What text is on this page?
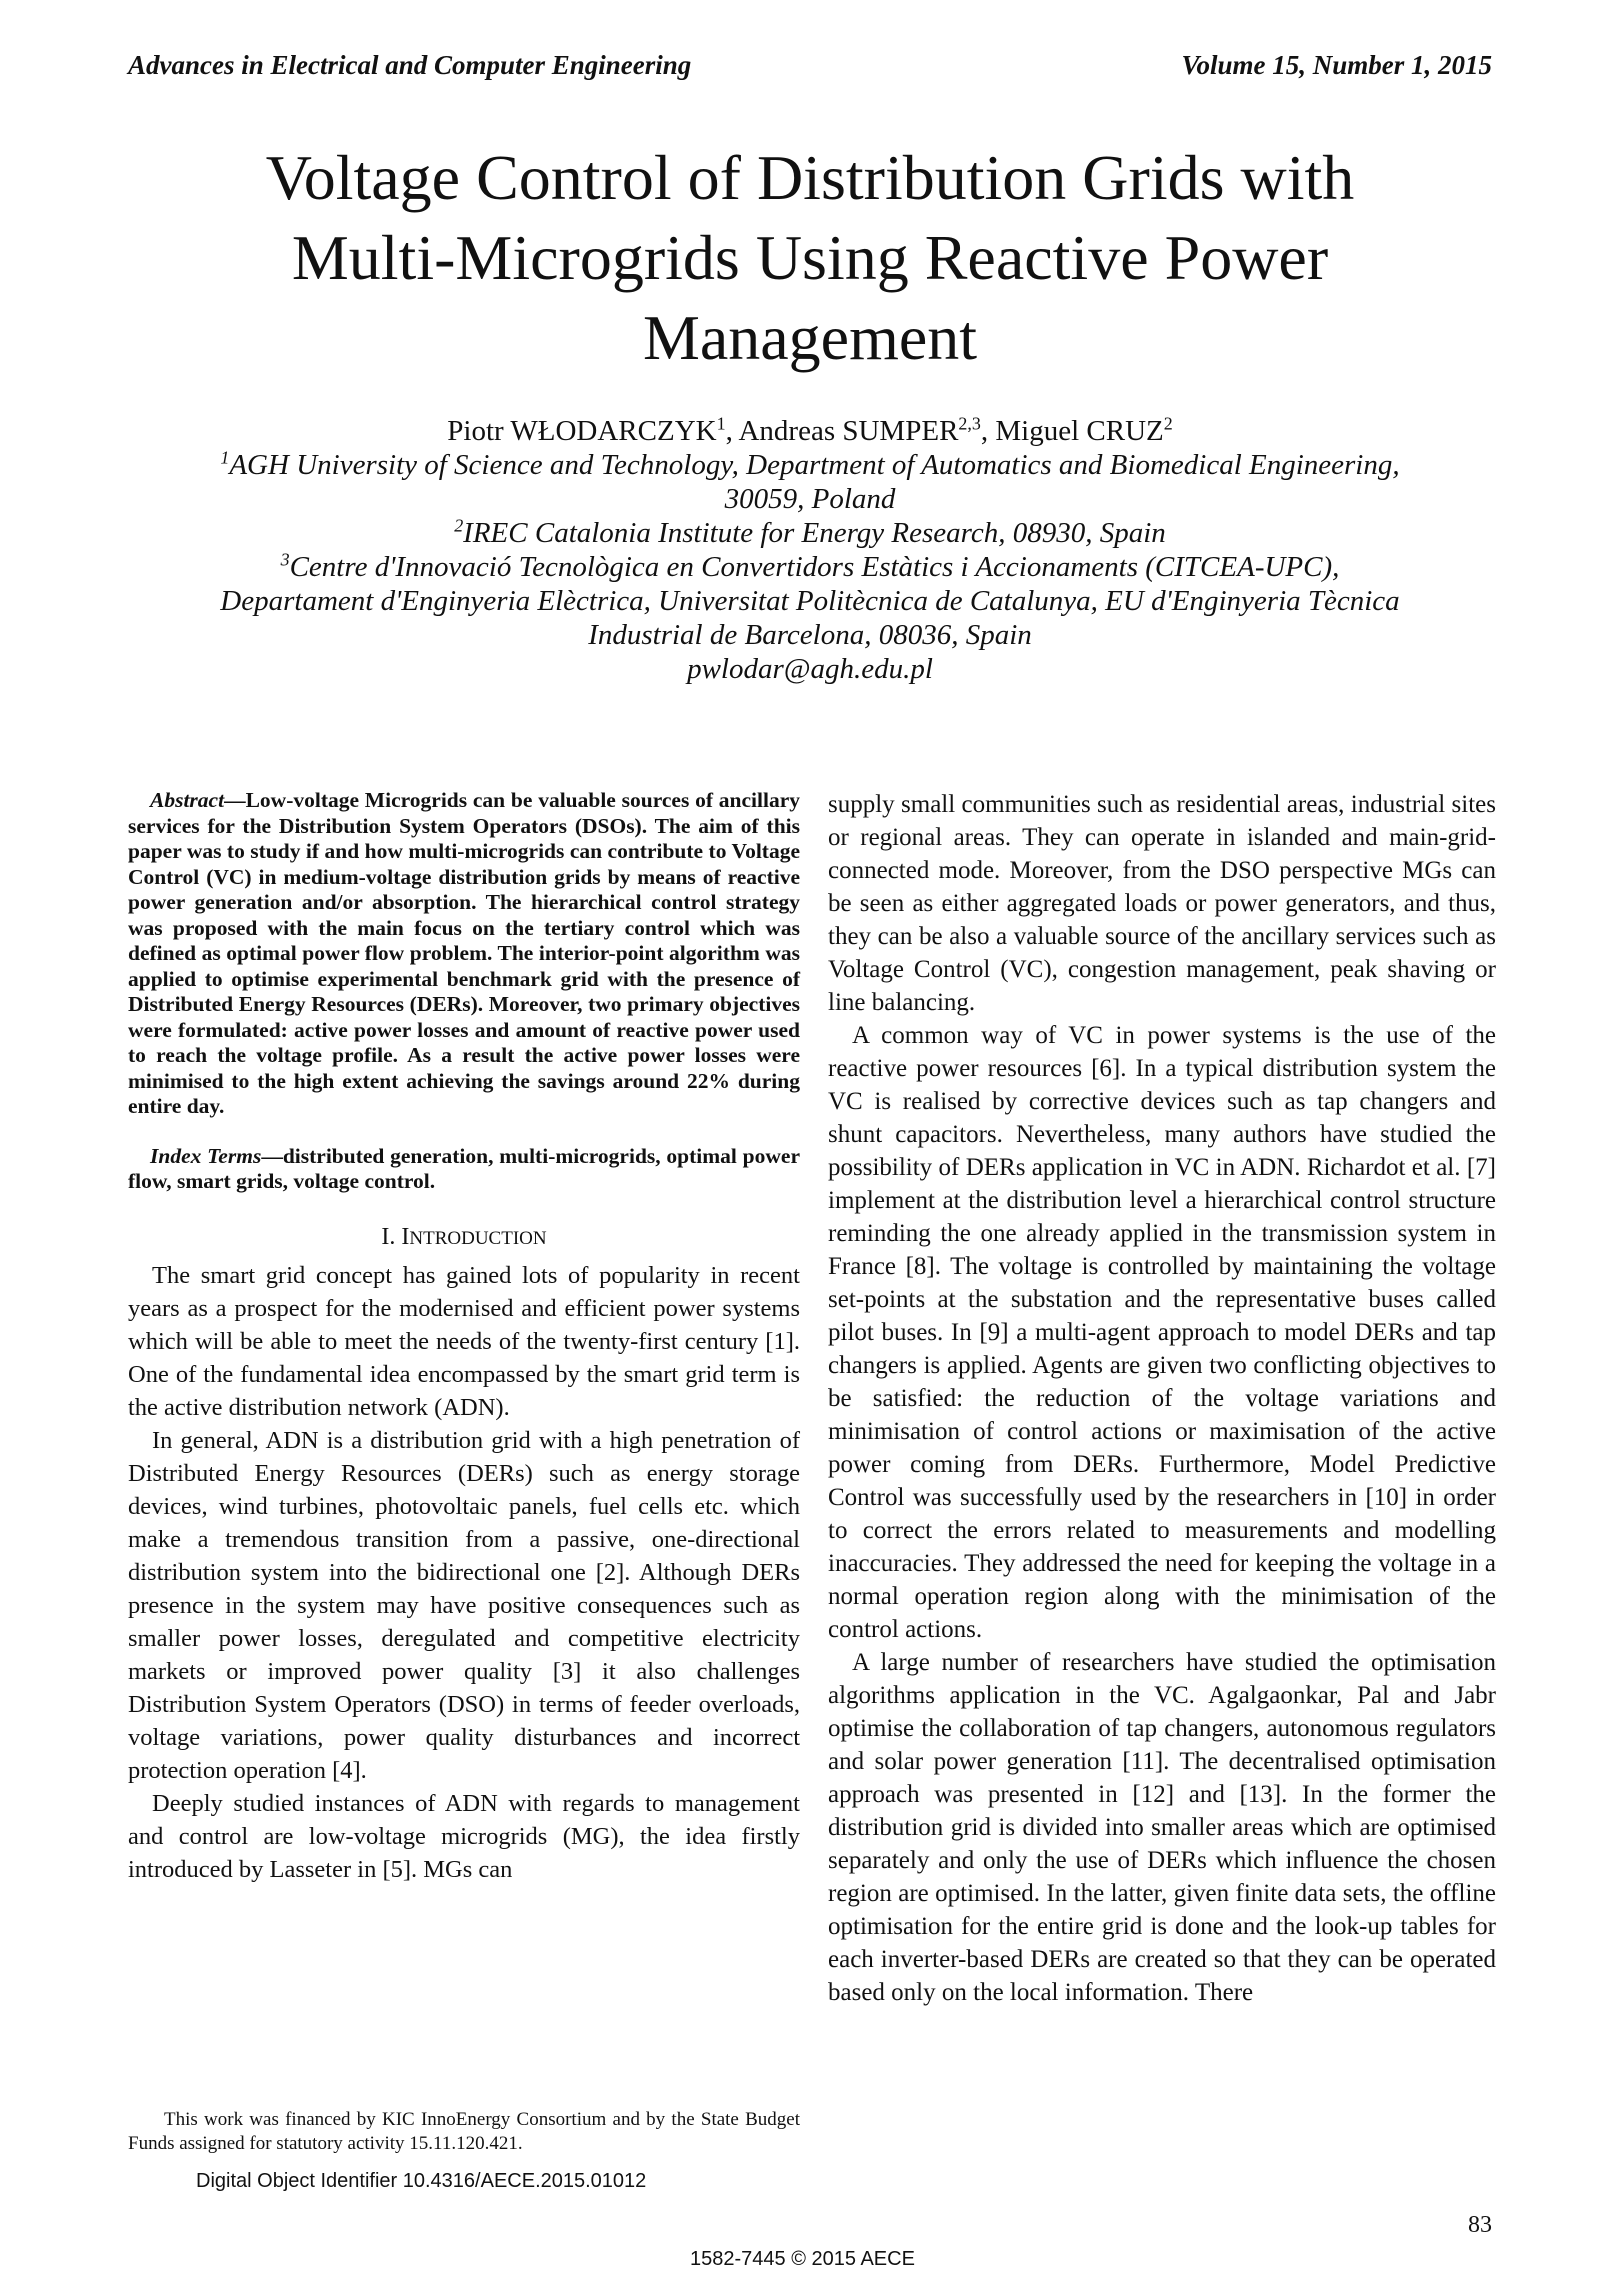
Advances in Electrical and Computer Engineering	Volume 15, Number 1, 2015
Voltage Control of Distribution Grids with Multi-Microgrids Using Reactive Power Management
Piotr WŁODARCZYK$^1$, Andreas SUMPER$^{2,3}$, Miguel CRUZ$^2$
$^1$AGH University of Science and Technology, Department of Automatics and Biomedical Engineering,
30059, Poland
$^2$IREC Catalonia Institute for Energy Research, 08930, Spain
$^3$Centre d'Innovació Tecnològica en Convertidors Estàtics i Accionaments (CITCEA-UPC),
Departament d'Enginyeria Elèctrica, Universitat Politècnica de Catalunya, EU d'Enginyeria Tècnica
Industrial de Barcelona, 08036, Spain
pwlodar@agh.edu.pl

Abstract—Low-voltage Microgrids can be valuable sources of ancillary services for the Distribution System Operators (DSOs). The aim of this paper was to study if and how multi-microgrids can contribute to Voltage Control (VC) in medium-voltage distribution grids by means of reactive power generation and/or absorption. The hierarchical control strategy was proposed with the main focus on the tertiary control which was defined as optimal power flow problem. The interior-point algorithm was applied to optimise experimental benchmark grid with the presence of Distributed Energy Resources (DERs). Moreover, two primary objectives were formulated: active power losses and amount of reactive power used to reach the voltage profile. As a result the active power losses were minimised to the high extent achieving the savings around 22% during entire day.

Index Terms—distributed generation, multi-microgrids, optimal power flow, smart grids, voltage control.

I. INTRODUCTION

The smart grid concept has gained lots of popularity in recent years as a prospect for the modernised and efficient power systems which will be able to meet the needs of the twenty-first century [1]. One of the fundamental idea encompassed by the smart grid term is the active distribution network (ADN).

In general, ADN is a distribution grid with a high penetration of Distributed Energy Resources (DERs) such as energy storage devices, wind turbines, photovoltaic panels, fuel cells etc. which make a tremendous transition from a passive, one-directional distribution system into the bidirectional one [2]. Although DERs presence in the system may have positive consequences such as smaller power losses, deregulated and competitive electricity markets or improved power quality [3] it also challenges Distribution System Operators (DSO) in terms of feeder overloads, voltage variations, power quality disturbances and incorrect protection operation [4].

Deeply studied instances of ADN with regards to management and control are low-voltage microgrids (MG), the idea firstly introduced by Lasseter in [5]. MGs can

supply small communities such as residential areas, industrial sites or regional areas. They can operate in islanded and main-grid-connected mode. Moreover, from the DSO perspective MGs can be seen as either aggregated loads or power generators, and thus, they can be also a valuable source of the ancillary services such as Voltage Control (VC), congestion management, peak shaving or line balancing.

A common way of VC in power systems is the use of the reactive power resources [6]. In a typical distribution system the VC is realised by corrective devices such as tap changers and shunt capacitors. Nevertheless, many authors have studied the possibility of DERs application in VC in ADN. Richardot et al. [7] implement at the distribution level a hierarchical control structure reminding the one already applied in the transmission system in France [8]. The voltage is controlled by maintaining the voltage set-points at the substation and the representative buses called pilot buses. In [9] a multi-agent approach to model DERs and tap changers is applied. Agents are given two conflicting objectives to be satisfied: the reduction of the voltage variations and minimisation of control actions or maximisation of the active power coming from DERs. Furthermore, Model Predictive Control was successfully used by the researchers in [10] in order to correct the errors related to measurements and modelling inaccuracies. They addressed the need for keeping the voltage in a normal operation region along with the minimisation of the control actions.

A large number of researchers have studied the optimisation algorithms application in the VC. Agalgaonkar, Pal and Jabr optimise the collaboration of tap changers, autonomous regulators and solar power generation [11]. The decentralised optimisation approach was presented in [12] and [13]. In the former the distribution grid is divided into smaller areas which are optimised separately and only the use of DERs which influence the chosen region are optimised. In the latter, given finite data sets, the offline optimisation for the entire grid is done and the look-up tables for each inverter-based DERs are created so that they can be operated based only on the local information. There

This work was financed by KIC InnoEnergy Consortium and by the State Budget Funds assigned for statutory activity 15.11.120.421.
Digital Object Identifier 10.4316/AECE.2015.01012
83
1582-7445 © 2015 AECE
